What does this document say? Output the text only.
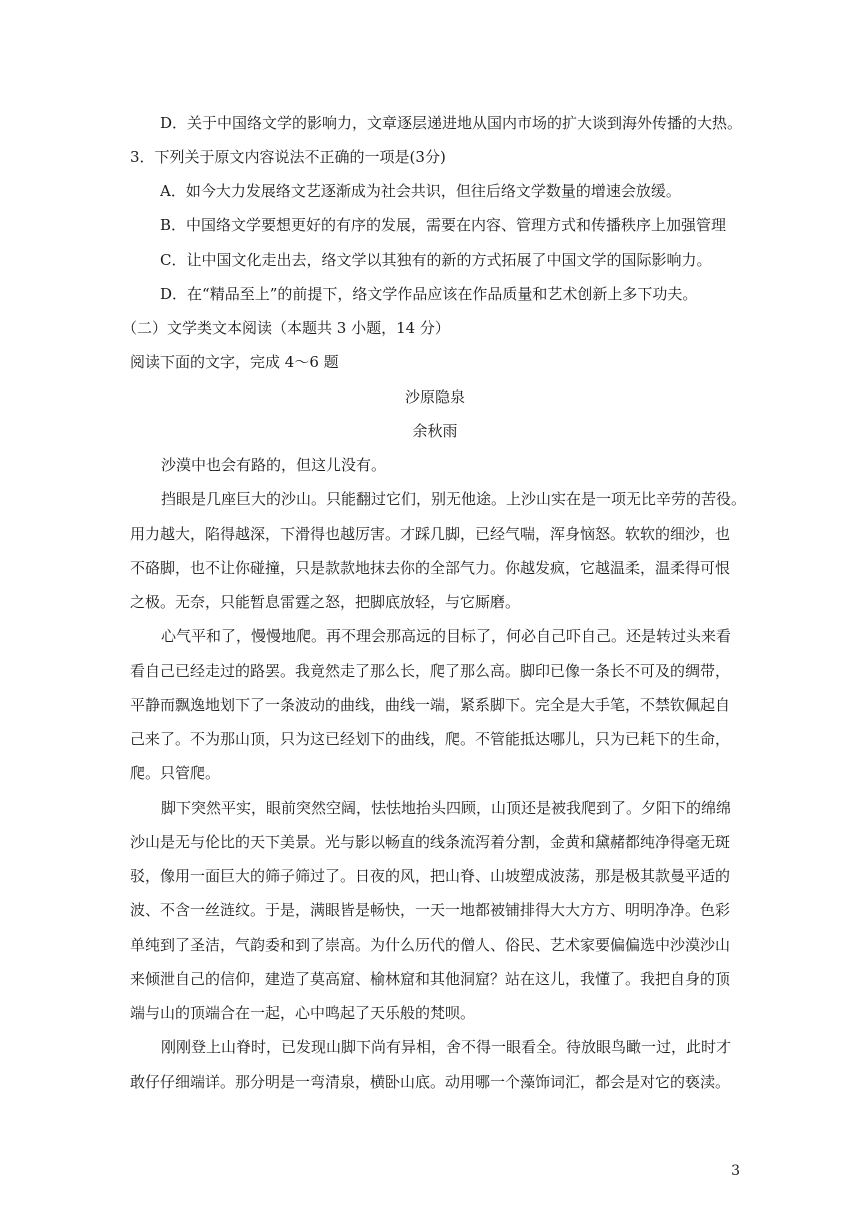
D．关于中国络文学的影响力，文章逐层递进地从国内市场的扩大谈到海外传播的大热。
3．下列关于原文内容说法不正确的一项是(3分)
A．如今大力发展络文艺逐渐成为社会共识，但往后络文学数量的增速会放缓。
B．中国络文学要想更好的有序的发展，需要在内容、管理方式和传播秩序上加强管理
C．让中国文化走出去，络文学以其独有的新的方式拓展了中国文学的国际影响力。
D．在“精品至上”的前提下，络文学作品应该在作品质量和艺术创新上多下功夫。
（二）文学类文本阅读（本题共 3 小题，14 分）
阅读下面的文字，完成 4～6 题
沙原隐泉
余秋雨
沙漠中也会有路的，但这儿没有。
挡眼是几座巨大的沙山。只能翻过它们，别无他途。上沙山实在是一项无比辛劳的苦役。
用力越大，陷得越深，下滑得也越厉害。才踩几脚，已经气喘，浑身恼怒。软软的细沙，也
不硌脚，也不让你碰撞，只是款款地抹去你的全部气力。你越发疯，它越温柔，温柔得可恨
之极。无奈，只能暂息雷霆之怒，把脚底放轻，与它厮磨。
心气平和了，慢慢地爬。再不理会那高远的目标了，何必自己吓自己。还是转过头来看
看自己已经走过的路罢。我竟然走了那么长，爬了那么高。脚印已像一条长不可及的绸带，
平静而飘逸地划下了一条波动的曲线，曲线一端，紧系脚下。完全是大手笔，不禁钦佩起自
己来了。不为那山顶，只为这已经划下的曲线，爬。不管能抵达哪儿，只为已耗下的生命，
爬。只管爬。
脚下突然平实，眼前突然空阔，怯怯地抬头四顾，山顶还是被我爬到了。夕阳下的绵绵
沙山是无与伦比的天下美景。光与影以畅直的线条流泻着分割，金黄和黛赭都纯净得毫无斑
驳，像用一面巨大的筛子筛过了。日夜的风，把山脊、山坡塑成波荡，那是极其款曼平适的
波、不含一丝涟纹。于是，满眼皆是畅快，一天一地都被铺排得大大方方、明明净净。色彩
单纯到了圣洁，气韵委和到了崇高。为什么历代的僧人、俗民、艺术家要偏偏选中沙漠沙山
来倾泄自己的信仰，建造了莫高窟、榆林窟和其他洞窟？站在这儿，我懂了。我把自身的顶
端与山的顶端合在一起，心中鸣起了天乐般的梵呗。
刚刚登上山脊时，已发现山脚下尚有异相，舍不得一眼看全。待放眼鸟瞰一过，此时才
敢仔仔细端详。那分明是一弯清泉，横卧山底。动用哪一个藻饰词汇，都会是对它的亵渎。
3
